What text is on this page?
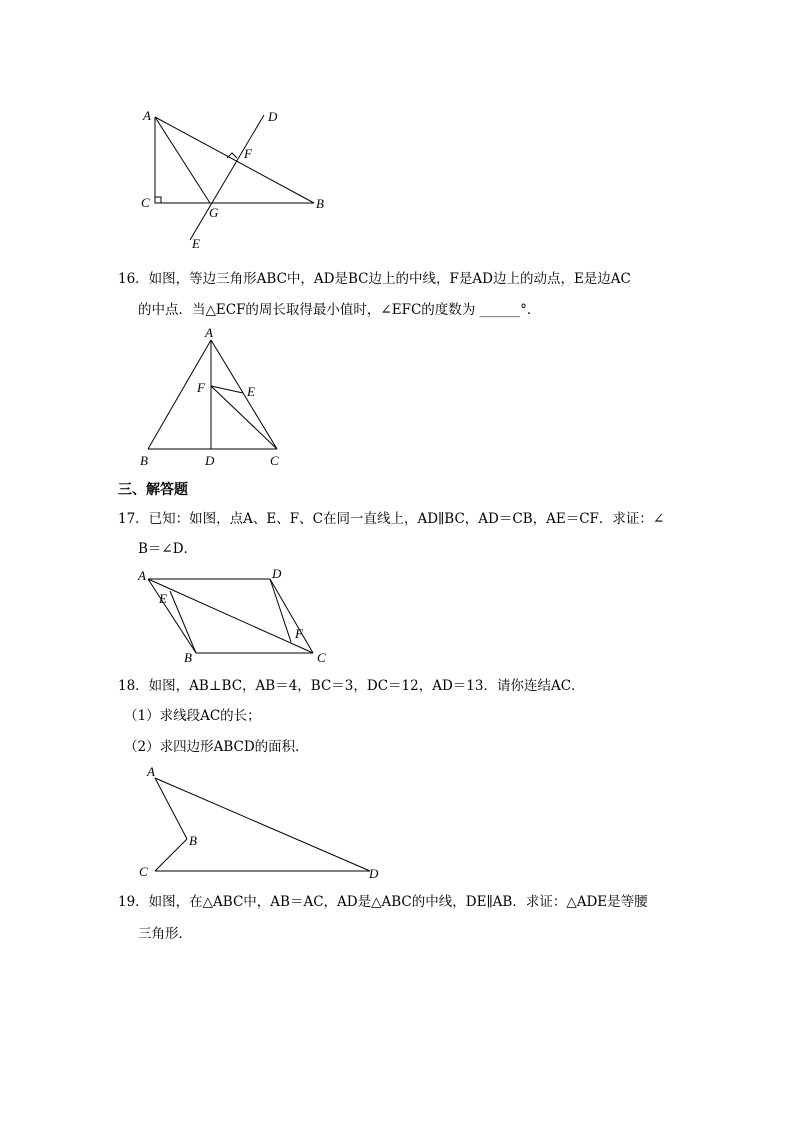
A	D
F
C
G
B
E
16．如图，等边三角形ABC中，AD是BC边上的中线，F是AD边上的动点，E是边AC
的中点．当△ECF的周长取得最小值时，∠EFC的度数为 ______°．
A
F	E
B	D	C
三、解答题
17．已知：如图，点A、E、F、C在同一直线上，AD∥BC，AD＝CB，AE＝CF．求证：∠
B＝∠D．
A	D
E
F
B	C
18．如图，AB⊥BC，AB＝4，BC＝3，DC＝12，AD＝13．请你连结AC．
（1）求线段AC的长；
（2）求四边形ABCD的面积．
A
B
C	D
19．如图，在△ABC中，AB＝AC，AD是△ABC的中线，DE∥AB．求证：△ADE是等腰
三角形．
